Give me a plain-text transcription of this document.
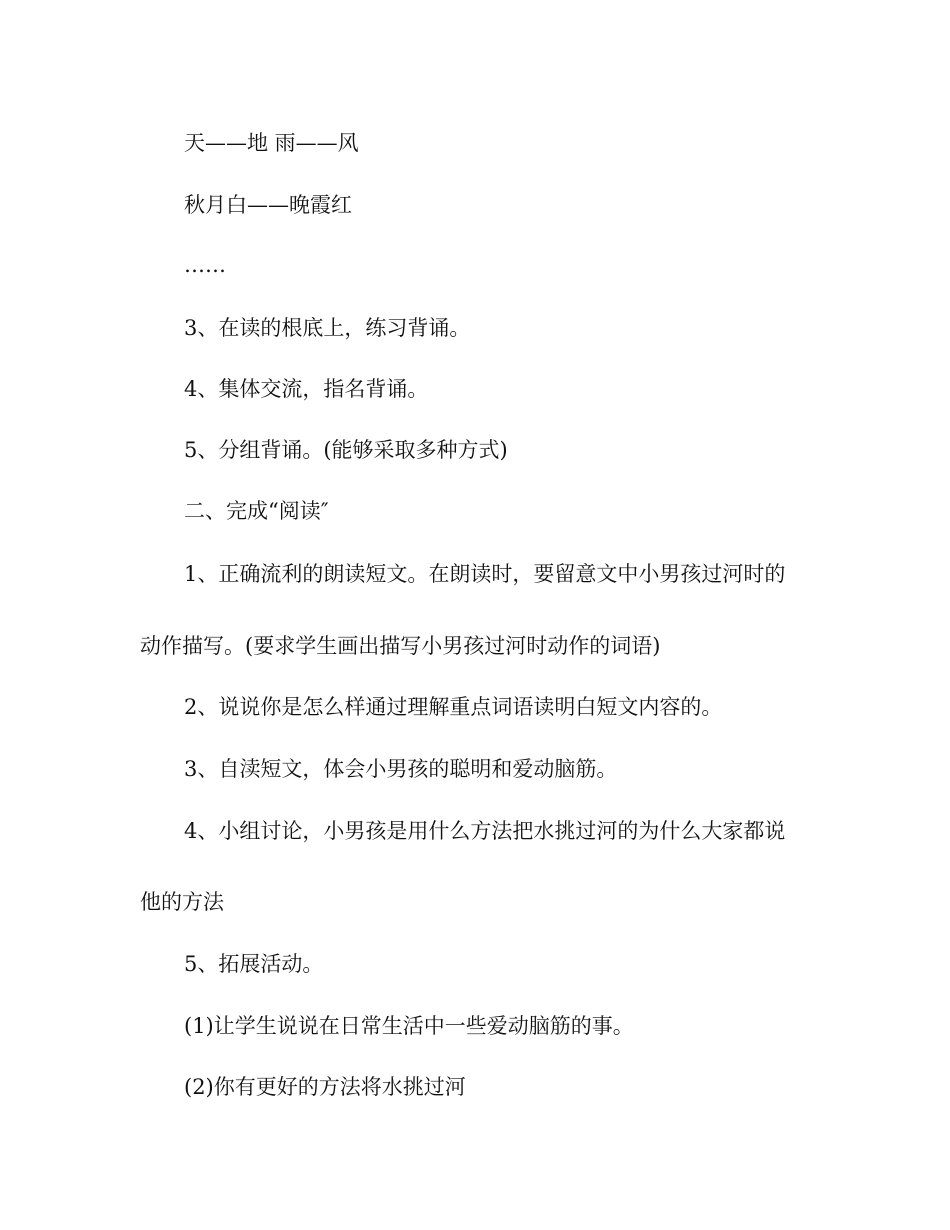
天——地 雨——风
秋月白——晚霞红
……
3、在读的根底上，练习背诵。
4、集体交流，指名背诵。
5、分组背诵。(能够采取多种方式)
二、完成“阅读″
1、正确流利的朗读短文。在朗读时，要留意文中小男孩过河时的
动作描写。(要求学生画出描写小男孩过河时动作的词语)
2、说说你是怎么样通过理解重点词语读明白短文内容的。
3、自渎短文，体会小男孩的聪明和爱动脑筋。
4、小组讨论，小男孩是用什么方法把水挑过河的为什么大家都说
他的方法
5、拓展活动。
(1)让学生说说在日常生活中一些爱动脑筋的事。
(2)你有更好的方法将水挑过河
